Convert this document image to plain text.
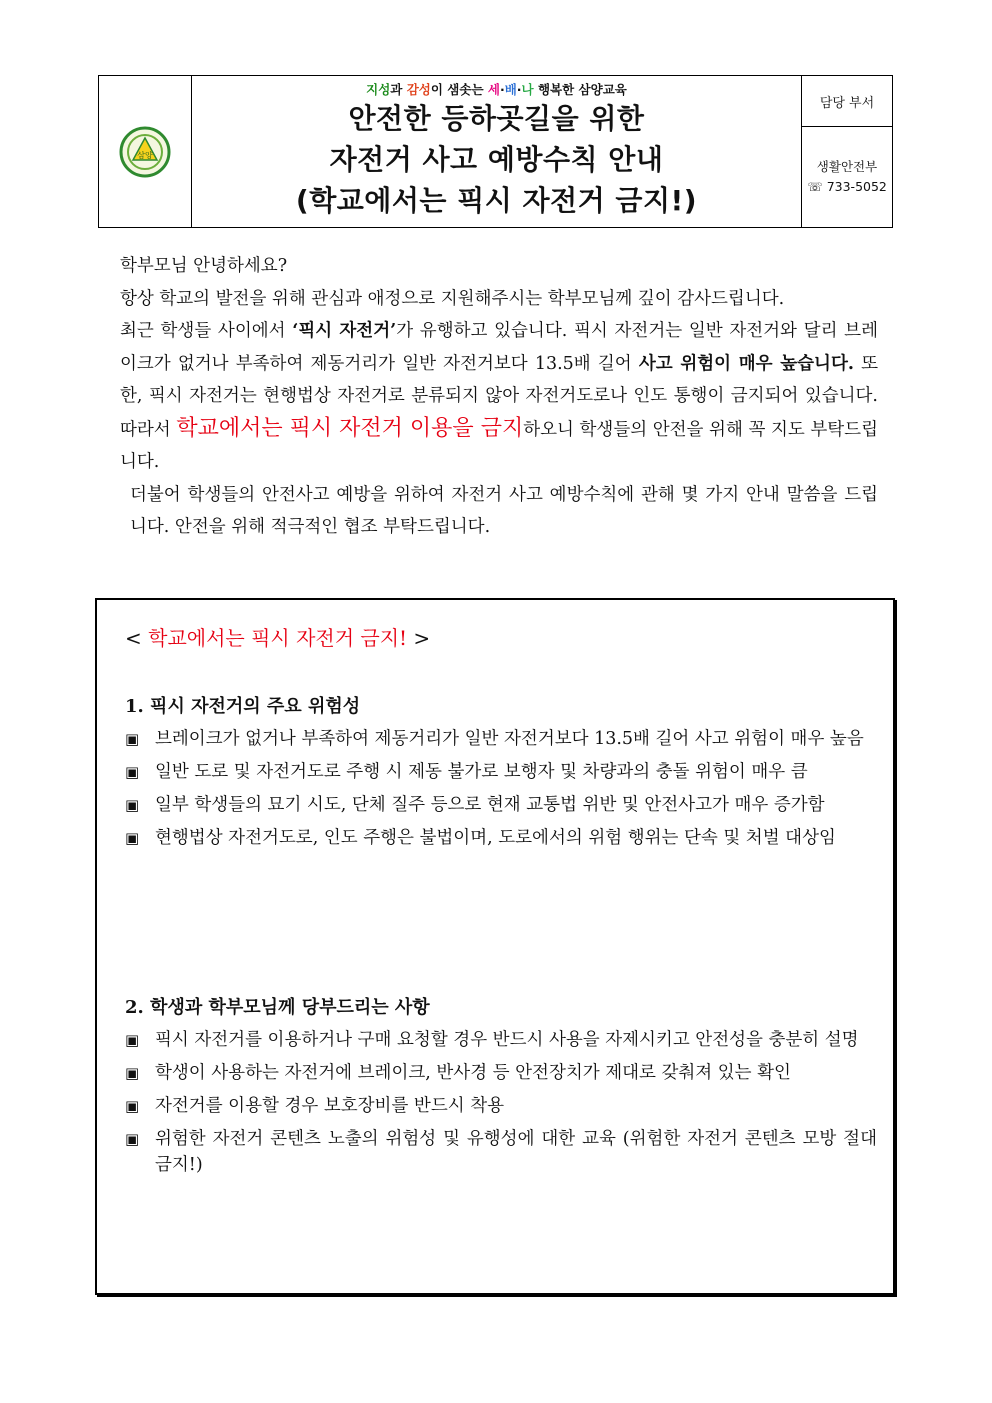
삼양
지성과 감성이 샘솟는 세·배·나 행복한 삼양교육
안전한 등하곳길을 위한
자전거 사고 예방수칙 안내
(학교에서는 픽시 자전거 금지!)
담당 부서
생활안전부
☏ 733-5052

학부모님 안녕하세요?

항상 학교의 발전을 위해 관심과 애정으로 지원해주시는 학부모님께 깊이 감사드립니다.

최근 학생들 사이에서 ‘픽시 자전거’가 유행하고 있습니다. 픽시 자전거는 일반 자전거와 달리 브레이크가 없거나 부족하여 제동거리가 일반 자전거보다 13.5배 길어 사고 위험이 매우 높습니다. 또한, 픽시 자전거는 현행법상 자전거로 분류되지 않아 자전거도로나 인도 통행이 금지되어 있습니다. 따라서 학교에서는 픽시 자전거 이용을 금지하오니 학생들의 안전을 위해 꼭 지도 부탁드립니다.

더불어 학생들의 안전사고 예방을 위하여 자전거 사고 예방수칙에 관해 몇 가지 안내 말씀을 드립니다. 안전을 위해 적극적인 협조 부탁드립니다.

< 학교에서는 픽시 자전거 금지! >
1. 픽시 자전거의 주요 위험성
▣ 브레이크가 없거나 부족하여 제동거리가 일반 자전거보다 13.5배 길어 사고 위험이 매우 높음
▣ 일반 도로 및 자전거도로 주행 시 제동 불가로 보행자 및 차량과의 충돌 위험이 매우 큼
▣ 일부 학생들의 묘기 시도, 단체 질주 등으로 현재 교통법 위반 및 안전사고가 매우 증가함
▣ 현행법상 자전거도로, 인도 주행은 불법이며, 도로에서의 위험 행위는 단속 및 처벌 대상임
2. 학생과 학부모님께 당부드리는 사항
▣ 픽시 자전거를 이용하거나 구매 요청할 경우 반드시 사용을 자제시키고 안전성을 충분히 설명
▣ 학생이 사용하는 자전거에 브레이크, 반사경 등 안전장치가 제대로 갖춰져 있는 확인
▣ 자전거를 이용할 경우 보호장비를 반드시 착용
▣ 위험한 자전거 콘텐츠 노출의 위험성 및 유행성에 대한 교육 (위험한 자전거 콘텐츠 모방 절대 금지!)
